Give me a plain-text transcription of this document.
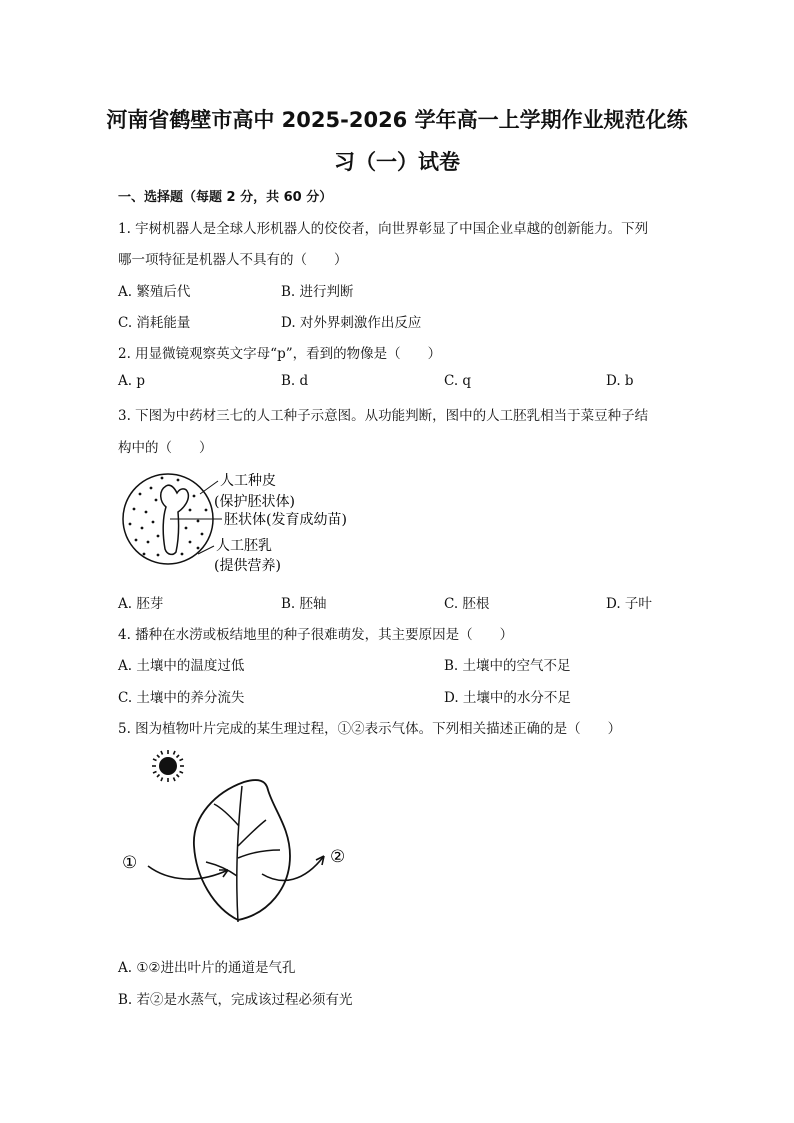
河南省鹤壁市高中 2025-2026 学年高一上学期作业规范化练
习（一）试卷
一、选择题（每题 2 分，共 60 分）
1. 宇树机器人是全球人形机器人的佼佼者，向世界彰显了中国企业卓越的创新能力。下列
哪一项特征是机器人不具有的（　　）
A. 繁殖后代	B. 进行判断
C. 消耗能量	D. 对外界刺激作出反应
2. 用显微镜观察英文字母“p”，看到的物像是（　　）
A. p	B. d	C. q	D. b
3. 下图为中药材三七的人工种子示意图。从功能判断，图中的人工胚乳相当于菜豆种子结
构中的（　　）
人工种皮
(保护胚状体)
胚状体(发育成幼苗)
人工胚乳
(提供营养)
A. 胚芽	B. 胚轴	C. 胚根	D. 子叶
4. 播种在水涝或板结地里的种子很难萌发，其主要原因是（　　）
A. 土壤中的温度过低	B. 土壤中的空气不足
C. 土壤中的养分流失	D. 土壤中的水分不足
5. 图为植物叶片完成的某生理过程，①②表示气体。下列相关描述正确的是（　　）
①	②
A. ①②进出叶片的通道是气孔
B. 若②是水蒸气，完成该过程必须有光
